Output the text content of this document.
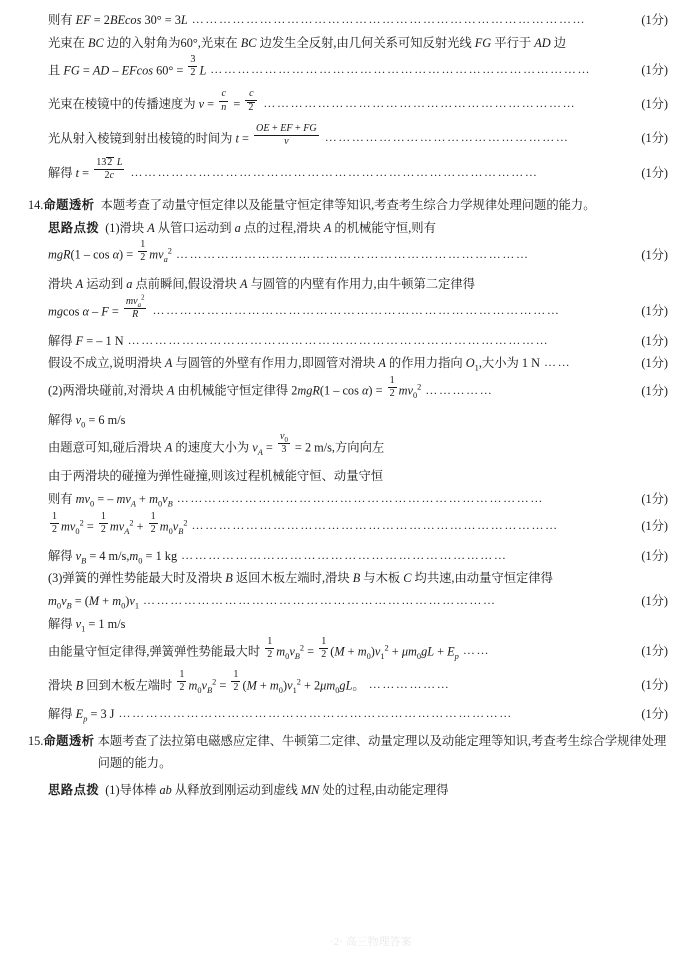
则有 EF = 2BEcos 30° = 3L ……………………………………………………………………………	(1分)
光束在 BC 边的入射角为60°,光束在 BC 边发生全反射,由几何关系可知反射光线 FG 平行于 AD 边
且 FG = AD – EFcos $60^\circ = \frac{3}{2}$ L …………………………………………………………………………	(1分)
光束在棱镜中的传播速度为 $v = \frac{c}{n} = \frac{c}{2}$ ……………………………………………………………	(1分)
光从射入棱镜到射出棱镜的时间为 $t = \frac{OE + EF + FG}{v}$ ………………………………………………	(1分)
解得 $t = \frac{132 L}{2c}$ ………………………………………………………………………………	(1分)
14.命题透析 本题考查了动量守恒定律以及能量守恒定律等知识,考查考生综合力学规律处理问题的能力。
思路点拨 (1)滑块 A 从管口运动到 a 点的过程,滑块 A 的机械能守恒,则有
$mgR(1 - \cos \alpha) = \frac{1}{2} mv_a^2$ ……………………………………………………………………	(1分)
滑块 A 运动到 a 点前瞬间,假设滑块 A 与圆管的内壁有作用力,由牛顿第二定律得
mgcos $\alpha - F = \frac{mv_a^2}{R}$ ………………………………………………………………………………	(1分)
解得 F = – 1 N …………………………………………………………………………………	(1分)
假设不成立,说明滑块 A 与圆管的外壁有作用力,即圆管对滑块 A 的作用力指向 $O_1$,大小为 1 N ……	(1分)
(2)两滑块碰前,对滑块 A 由机械能守恒定律得 $2mgR(1 - \cos \alpha) = \frac{1}{2} mv_0^2$ ……………	(1分)
解得 $v_0 = 6$ m/s
由题意可知,碰后滑块 A 的速度大小为 $v_A = \frac{v_0}{3} = 2$ m/s,方向向左
由于两滑块的碰撞为弹性碰撞,则该过程机械能守恒、动量守恒
则有 $mv_0$ = – $mv_A + m_0v_B$ ………………………………………………………………………	(1分)
$\frac{1}{2} mv_0^2 = \frac{1}{2} mv_A^2 + \frac{1}{2} m_0v_B^2$ ………………………………………………………………………	(1分)
解得 $v_B = 4$ $m/s,m_0 = 1$ kg ………………………………………………………………	(1分)
(3)弹簧的弹性势能最大时及滑块 B 返回木板左端时,滑块 B 与木板 C 均共速,由动量守恒定律得
$m_0v_B = (M + m_0)v_1$ ……………………………………………………………………	(1分)
解得 $v_1 = 1$ m/s
由能量守恒定律得,弹簧弹性势能最大时 $\frac{1}{2} m_0v_B^2 = \frac{1}{2} (M + m_0)v_1^2 + \mu m_0gL + E_p$ ……	(1分)
滑块 B 回到木板左端时 $\frac{1}{2} m_0v_B^2 = \frac{1}{2} (M + m_0)v_1^2 + 2\mu m_0gL$。 ………………	(1分)
解得 $E_p = 3$ J ……………………………………………………………………………	(1分)
15.命题透析 本题考查了法拉第电磁感应定律、牛顿第二定律、动量定理以及动能定理等知识,考查考生综合学规律处理问题的能力。
思路点拨 (1)导体棒 ab 从释放到刚运动到虚线 MN 处的过程,由动能定理得
·2· 高三物理答案
